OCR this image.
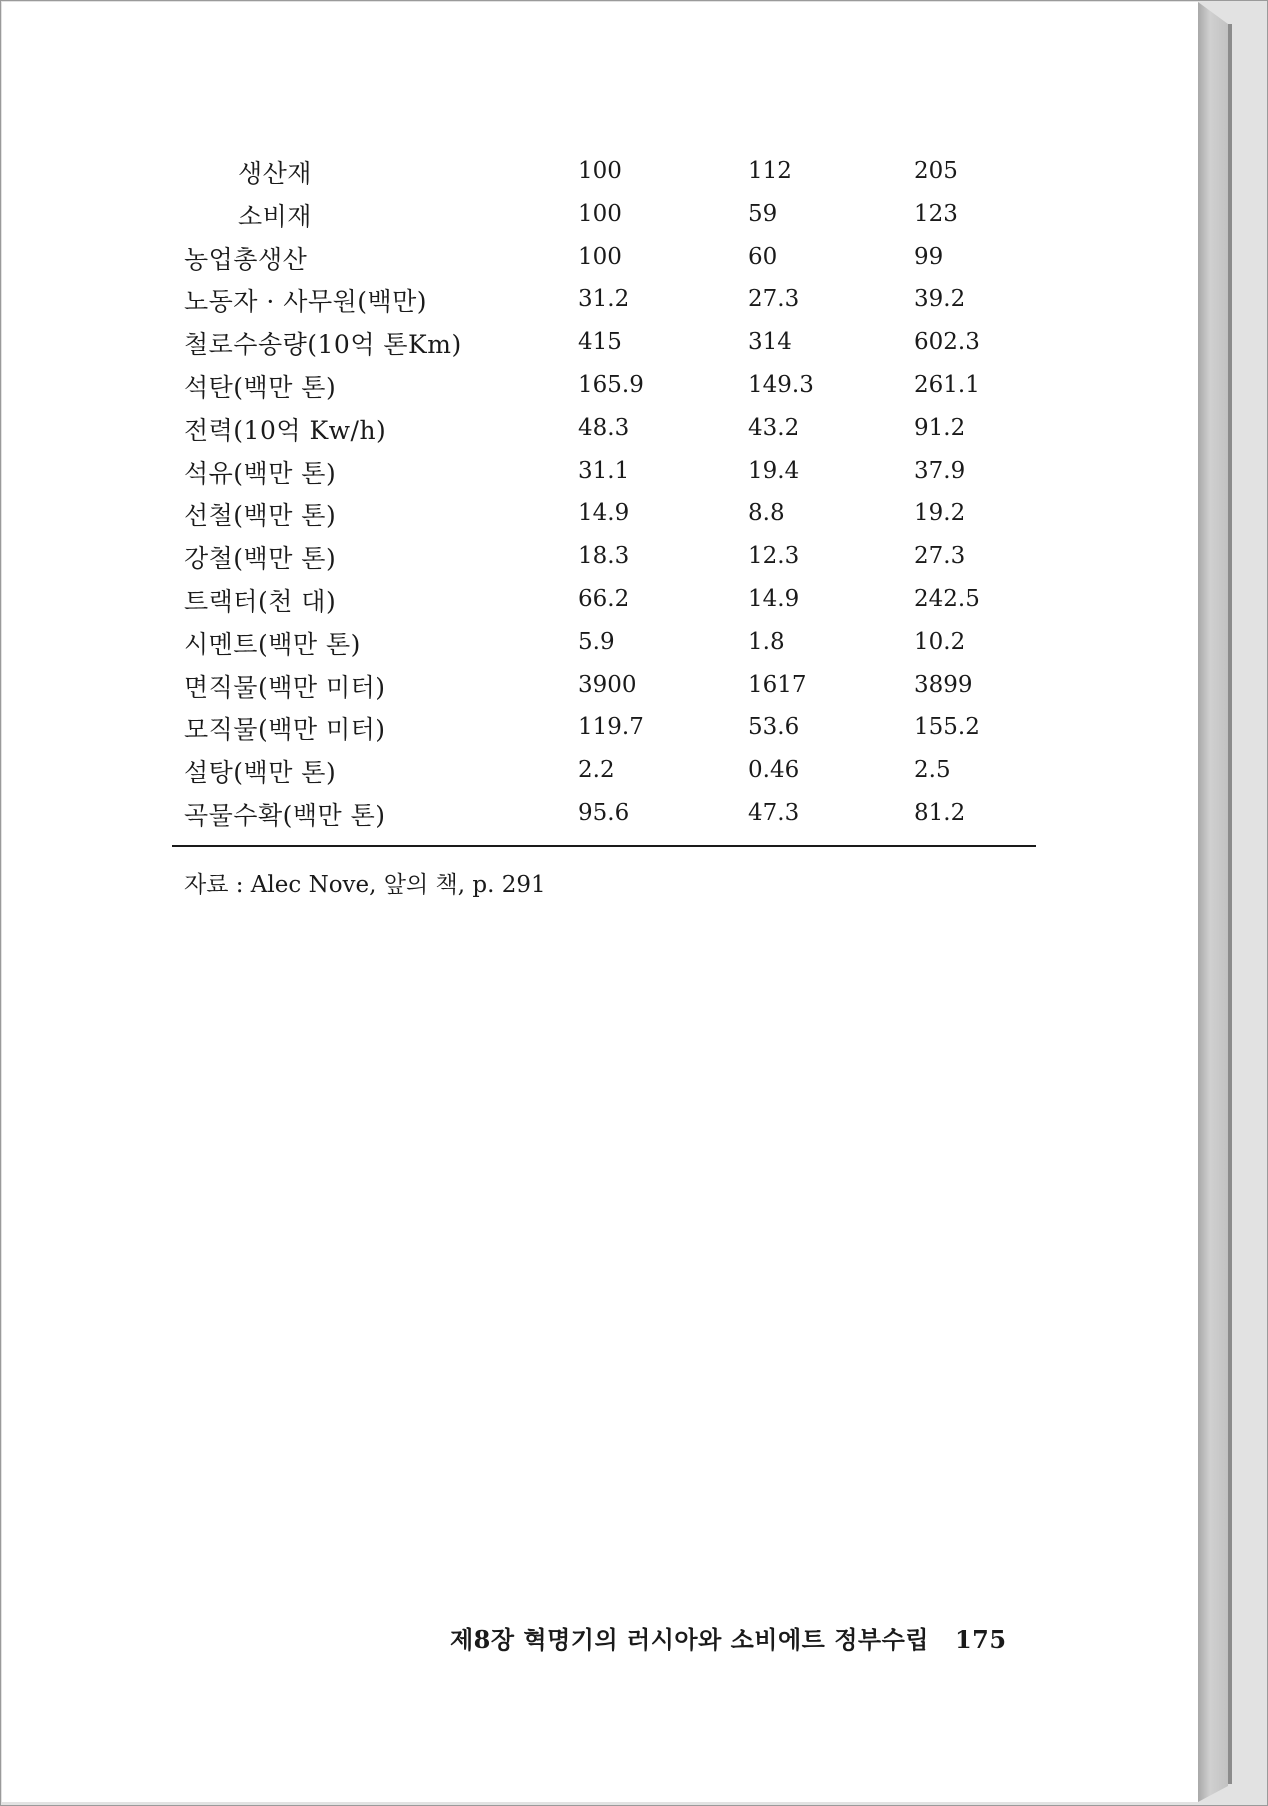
생산재	100	112	205
소비재	100	59	123
농업총생산	100	60	99
노동자 · 사무원(백만)	31.2	27.3	39.2
철로수송량(10억 톤Km)	415	314	602.3
석탄(백만 톤)	165.9	149.3	261.1
전력(10억 Kw/h)	48.3	43.2	91.2
석유(백만 톤)	31.1	19.4	37.9
선철(백만 톤)	14.9	8.8	19.2
강철(백만 톤)	18.3	12.3	27.3
트랙터(천 대)	66.2	14.9	242.5
시멘트(백만 톤)	5.9	1.8	10.2
면직물(백만 미터)	3900	1617	3899
모직물(백만 미터)	119.7	53.6	155.2
설탕(백만 톤)	2.2	0.46	2.5
곡물수확(백만 톤)	95.6	47.3	81.2
자료 : Alec Nove, 앞의 책, p. 291
제8장 혁명기의 러시아와 소비에트 정부수립 175
